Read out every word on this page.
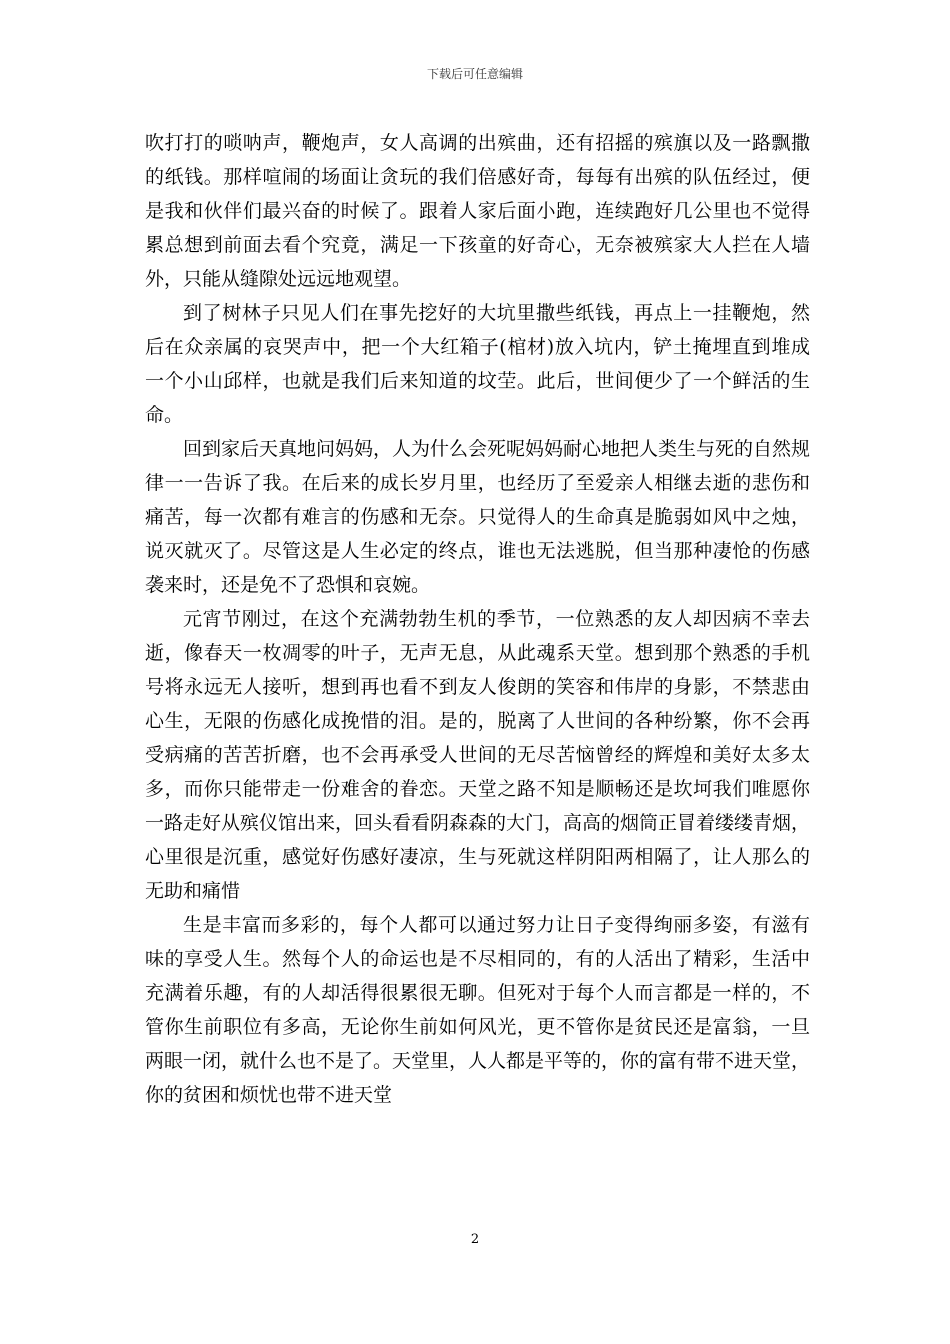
下载后可任意编辑
吹打打的唢呐声，鞭炮声，女人高调的出殡曲，还有招摇的殡旗以及一路飘撒
的纸钱。那样喧闹的场面让贪玩的我们倍感好奇，每每有出殡的队伍经过，便
是我和伙伴们最兴奋的时候了。跟着人家后面小跑，连续跑好几公里也不觉得
累总想到前面去看个究竟，满足一下孩童的好奇心，无奈被殡家大人拦在人墙
外，只能从缝隙处远远地观望。
到了树林子只见人们在事先挖好的大坑里撒些纸钱，再点上一挂鞭炮，然
后在众亲属的哀哭声中，把一个大红箱子(棺材)放入坑内，铲土掩埋直到堆成
一个小山邱样，也就是我们后来知道的坟茔。此后，世间便少了一个鲜活的生
命。
回到家后天真地问妈妈，人为什么会死呢妈妈耐心地把人类生与死的自然规
律一一告诉了我。在后来的成长岁月里，也经历了至爱亲人相继去逝的悲伤和
痛苦，每一次都有难言的伤感和无奈。只觉得人的生命真是脆弱如风中之烛，
说灭就灭了。尽管这是人生必定的终点，谁也无法逃脱，但当那种凄怆的伤感
袭来时，还是免不了恐惧和哀婉。
元宵节刚过，在这个充满勃勃生机的季节，一位熟悉的友人却因病不幸去
逝，像春天一枚凋零的叶子，无声无息，从此魂系天堂。想到那个熟悉的手机
号将永远无人接听，想到再也看不到友人俊朗的笑容和伟岸的身影，不禁悲由
心生，无限的伤感化成挽惜的泪。是的，脱离了人世间的各种纷繁，你不会再
受病痛的苦苦折磨，也不会再承受人世间的无尽苦恼曾经的辉煌和美好太多太
多，而你只能带走一份难舍的眷恋。天堂之路不知是顺畅还是坎坷我们唯愿你
一路走好从殡仪馆出来，回头看看阴森森的大门，高高的烟筒正冒着缕缕青烟，
心里很是沉重，感觉好伤感好凄凉，生与死就这样阴阳两相隔了，让人那么的
无助和痛惜
生是丰富而多彩的，每个人都可以通过努力让日子变得绚丽多姿，有滋有
味的享受人生。然每个人的命运也是不尽相同的，有的人活出了精彩，生活中
充满着乐趣，有的人却活得很累很无聊。但死对于每个人而言都是一样的，不
管你生前职位有多高，无论你生前如何风光，更不管你是贫民还是富翁，一旦
两眼一闭，就什么也不是了。天堂里，人人都是平等的，你的富有带不进天堂，
你的贫困和烦忧也带不进天堂
2
